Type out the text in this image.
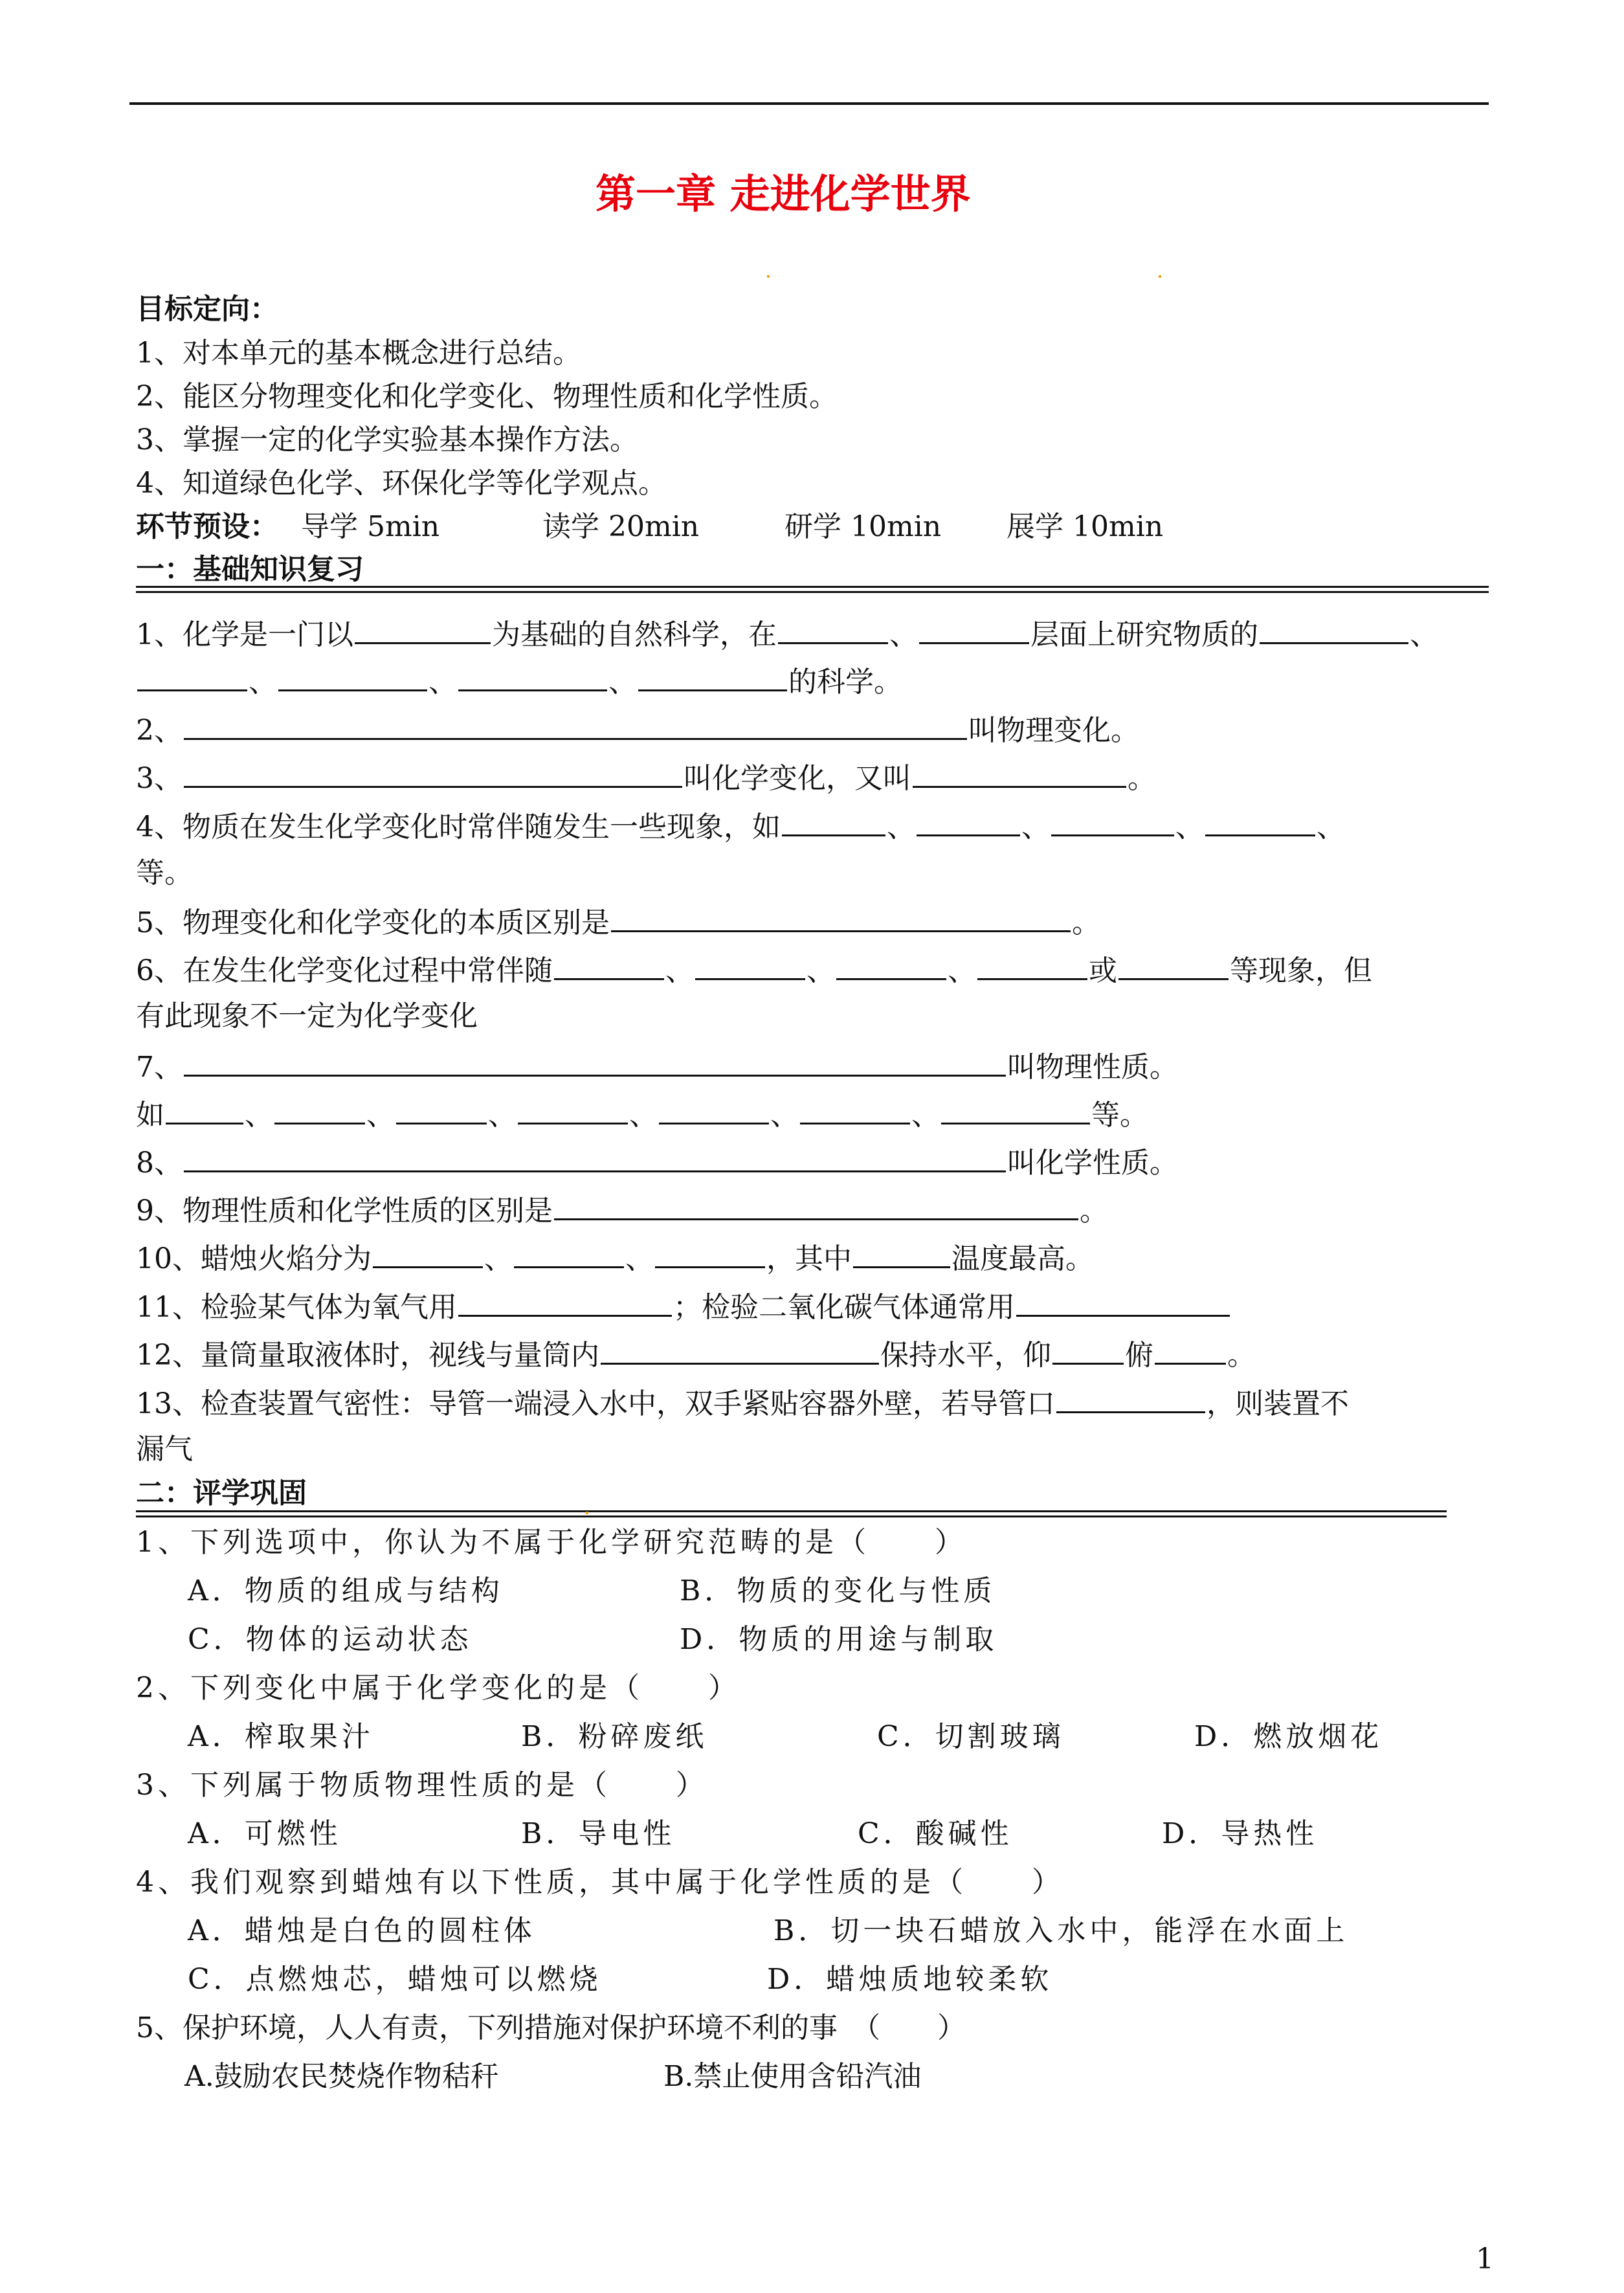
第一章 走进化学世界
目标定向：
1、对本单元的基本概念进行总结。
2、能区分物理变化和化学变化、物理性质和化学性质。
3、掌握一定的化学实验基本操作方法。
4、知道绿色化学、环保化学等化学观点。
环节预设： 导学 5min	读学 20min	研学 10min 展学 10min
一：基础知识复习
1、化学是一门以	为基础的自然科学，在	、	层面上研究物质的	、
、	、	、	的科学。
2、	叫物理变化。
3、	叫化学变化，又叫	。
4、物质在发生化学变化时常伴随发生一些现象，如	、	、	、	、
等。
5、物理变化和化学变化的本质区别是	。
6、在发生化学变化过程中常伴随	、	、	、	或	等现象，但
有此现象不一定为化学变化
7、	叫物理性质。
如	、	、	、	、	、	、	等。
8、	叫化学性质。
9、物理性质和化学性质的区别是	。
10、蜡烛火焰分为	、	、	，其中	温度最高。
11、检验某气体为氧气用	；检验二氧化碳气体通常用
12、量筒量取液体时，视线与量筒内	保持水平，仰	俯	。
13、检查装置气密性：导管一端浸入水中，双手紧贴容器外壁，若导管口	，则装置不
漏气
二：评学巩固
1、下列选项中，你认为不属于化学研究范畴的是（　　）
A．物质的组成与结构	B．物质的变化与性质
C．物体的运动状态	D．物质的用途与制取
2、下列变化中属于化学变化的是（　　）
A．榨取果汁	B．粉碎废纸	C．切割玻璃	D．燃放烟花
3、下列属于物质物理性质的是（　　）
A．可燃性	B．导电性	C．酸碱性	D．导热性
4、我们观察到蜡烛有以下性质，其中属于化学性质的是（　　）
A．蜡烛是白色的圆柱体	B．切一块石蜡放入水中，能浮在水面上
C．点燃烛芯，蜡烛可以燃烧	D．蜡烛质地较柔软
5、保护环境，人人有责，下列措施对保护环境不利的事　（　　）
A.鼓励农民焚烧作物秸秆	B.禁止使用含铅汽油
1
